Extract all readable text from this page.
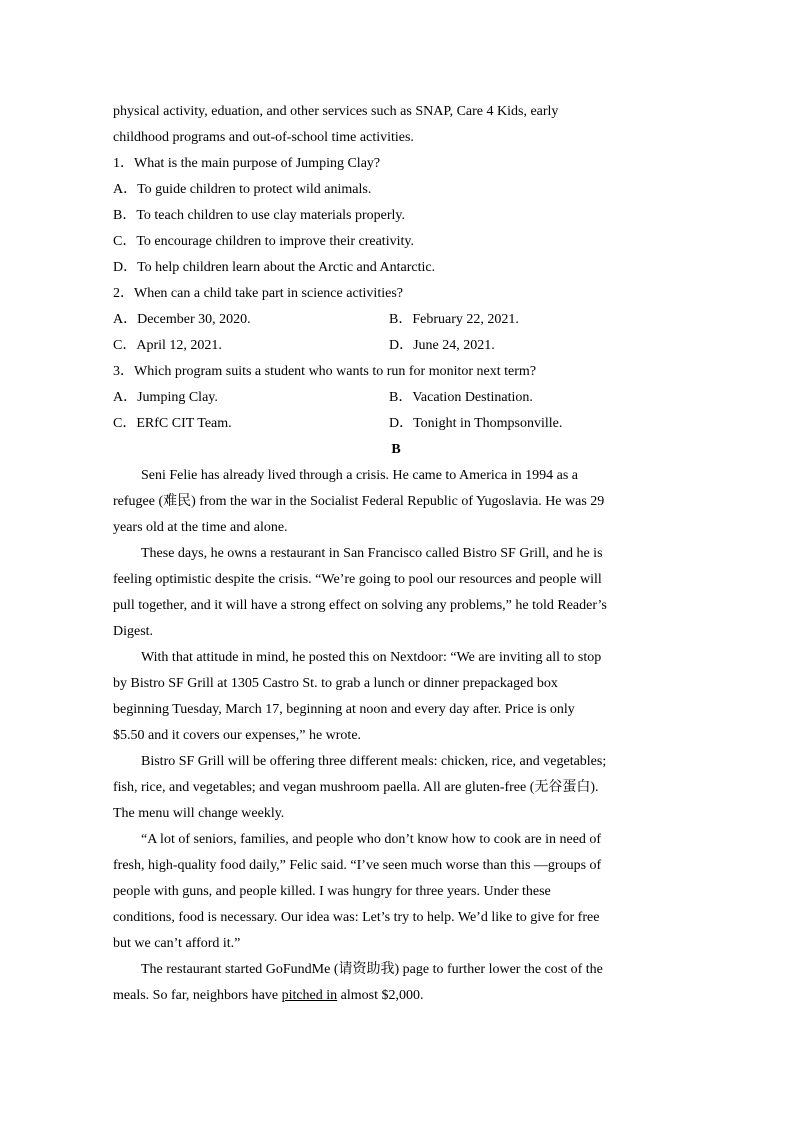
physical activity, eduation, and other services such as SNAP, Care 4 Kids, early
childhood programs and out-of-school time activities.
1．What is the main purpose of Jumping Clay?
A．To guide children to protect wild animals.
B．To teach children to use clay materials properly.
C．To encourage children to improve their creativity.
D．To help children learn about the Arctic and Antarctic.
2．When can a child take part in science activities?
A．December 30, 2020.	B．February 22, 2021.
C．April 12, 2021.	D．June 24, 2021.
3．Which program suits a student who wants to run for monitor next term?
A．Jumping Clay.	B．Vacation Destination.
C．ERfC CIT Team.	D．Tonight in Thompsonville.
B
Seni Felie has already lived through a crisis. He came to America in 1994 as a
refugee (难民) from the war in the Socialist Federal Republic of Yugoslavia. He was 29
years old at the time and alone.
These days, he owns a restaurant in San Francisco called Bistro SF Grill, and he is
feeling optimistic despite the crisis. “We’re going to pool our resources and people will
pull together, and it will have a strong effect on solving any problems,” he told Reader’s
Digest.
With that attitude in mind, he posted this on Nextdoor: “We are inviting all to stop
by Bistro SF Grill at 1305 Castro St. to grab a lunch or dinner prepackaged box
beginning Tuesday, March 17, beginning at noon and every day after. Price is only
$5.50 and it covers our expenses,” he wrote.
Bistro SF Grill will be offering three different meals: chicken, rice, and vegetables;
fish, rice, and vegetables; and vegan mushroom paella. All are gluten-free (无谷蛋白).
The menu will change weekly.
“A lot of seniors, families, and people who don’t know how to cook are in need of
fresh, high-quality food daily,” Felic said. “I’ve seen much worse than this —groups of
people with guns, and people killed. I was hungry for three years. Under these
conditions, food is necessary. Our idea was: Let’s try to help. We’d like to give for free
but we can’t afford it.”
The restaurant started GoFundMe (请资助我) page to further lower the cost of the
meals. So far, neighbors have pitched in almost $2,000.
